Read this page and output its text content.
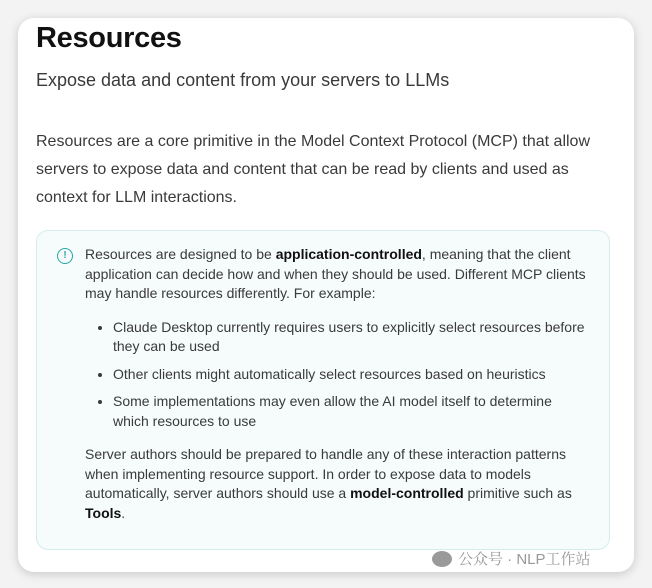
Resources

Expose data and content from your servers to LLMs

Resources are a core primitive in the Model Context Protocol (MCP) that allow servers to expose data and content that can be read by clients and used as context for LLM interactions.

!	Resources are designed to be application-controlled, meaning that the client application can decide how and when they should be used. Different MCP clients may handle resources differently. For example:

• Claude Desktop currently requires users to explicitly select resources before they can be used
• Other clients might automatically select resources based on heuristics
• Some implementations may even allow the AI model itself to determine which resources to use

Server authors should be prepared to handle any of these interaction patterns when implementing resource support. In order to expose data to models automatically, server authors should use a model-controlled primitive such as Tools.

公众号 · NLP工作站
